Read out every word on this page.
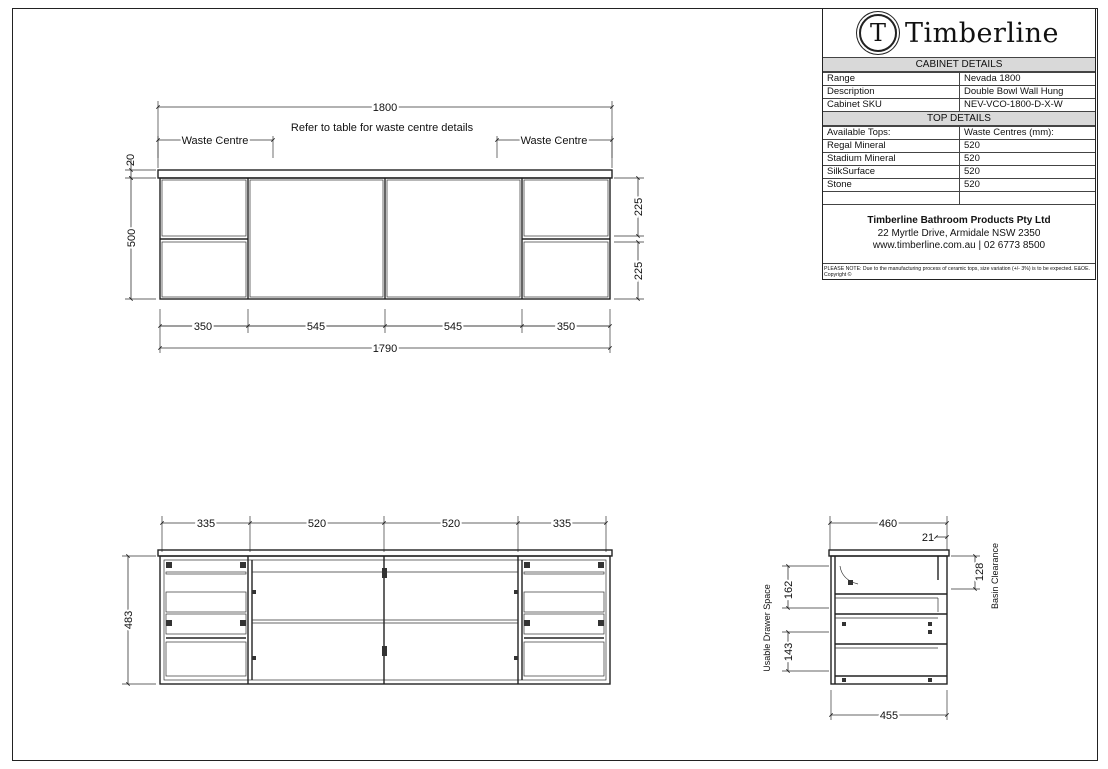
1800
Refer to table for waste centre details
Waste Centre	Waste Centre
20
500
225
225
350	545	545	350
1790
335	520	520	335
483
460
21
128 Basin Clearance
162
143
Usable Drawer Space
455
T Timberline
CABINET DETAILS
Range	Nevada 1800
Description	Double Bowl Wall Hung
Cabinet SKU	NEV-VCO-1800-D-X-W
TOP DETAILS
Available Tops:	Waste Centres (mm):
Regal Mineral	520
Stadium Mineral	520
SilkSurface	520
Stone	520

Timberline Bathroom Products Pty Ltd
22 Myrtle Drive, Armidale NSW 2350
www.timberline.com.au | 02 6773 8500
PLEASE NOTE: Due to the manufacturing process of ceramic tops, size variation (+/- 3%) is to be expected. E&OE. Copyright ©
